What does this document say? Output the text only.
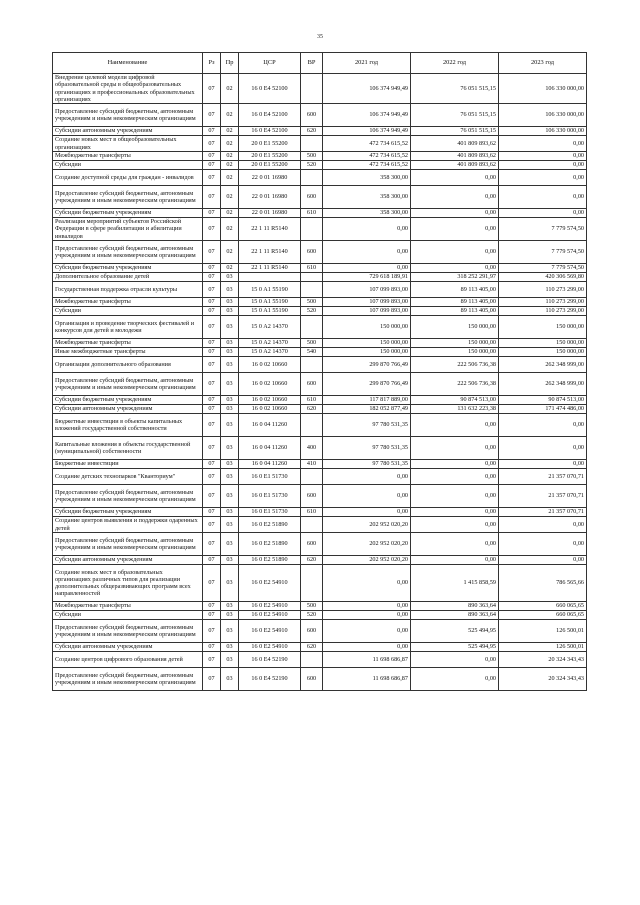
35
Наименование	Рз	Пр	ЦСР	ВР	2021 год	2022 год	2023 год
Внедрение целевой модели цифровой образовательной среды в общеобразовательных организациях и профессиональных образовательных организациях	07	02	16 0 E4 52100		106 374 949,49	76 051 515,15	106 330 000,00
Предоставление субсидий бюджетным, автономным учреждениям и иным некоммерческим организациям	07	02	16 0 E4 52100	600	106 374 949,49	76 051 515,15	106 330 000,00
Субсидии автономным учреждениям	07	02	16 0 E4 52100	620	106 374 949,49	76 051 515,15	106 330 000,00
Создание новых мест в общеобразовательных организациях	07	02	20 0 E1 55200		472 734 615,52	401 809 893,62	0,00
Межбюджетные трансферты	07	02	20 0 E1 55200	500	472 734 615,52	401 809 893,62	0,00
Субсидии	07	02	20 0 E1 55200	520	472 734 615,52	401 809 893,62	0,00
Создание доступной среды для граждан - инвалидов	07	02	22 0 01 16980		358 300,00	0,00	0,00
Предоставление субсидий бюджетным, автономным учреждениям и иным некоммерческим организациям	07	02	22 0 01 16980	600	358 300,00	0,00	0,00
Субсидии бюджетным учреждениям	07	02	22 0 01 16980	610	358 300,00	0,00	0,00
Реализация мероприятий субъектов Российской Федерации в сфере реабилитации и абилитации инвалидов	07	02	22 1 11 R5140		0,00	0,00	7 779 574,50
Предоставление субсидий бюджетным, автономным учреждениям и иным некоммерческим организациям	07	02	22 1 11 R5140	600	0,00	0,00	7 779 574,50
Субсидии бюджетным учреждениям	07	02	22 1 11 R5140	610	0,00	0,00	7 779 574,50
Дополнительное образование детей	07	03			729 618 189,91	318 252 291,97	420 306 569,80
Государственная поддержка отрасли культуры	07	03	15 0 A1 55190		107 099 893,00	89 113 405,00	110 273 299,00
Межбюджетные трансферты	07	03	15 0 A1 55190	500	107 099 893,00	89 113 405,00	110 273 299,00
Субсидии	07	03	15 0 A1 55190	520	107 099 893,00	89 113 405,00	110 273 299,00
Организация и проведение творческих фестивалей и конкурсов для детей и молодежи	07	03	15 0 A2 14370		150 000,00	150 000,00	150 000,00
Межбюджетные трансферты	07	03	15 0 A2 14370	500	150 000,00	150 000,00	150 000,00
Иные межбюджетные трансферты	07	03	15 0 A2 14370	540	150 000,00	150 000,00	150 000,00
Организации дополнительного образования	07	03	16 0 02 10660		299 870 766,49	222 506 736,38	262 348 999,00
Предоставление субсидий бюджетным, автономным учреждениям и иным некоммерческим организациям	07	03	16 0 02 10660	600	299 870 766,49	222 506 736,38	262 348 999,00
Субсидии бюджетным учреждениям	07	03	16 0 02 10660	610	117 817 889,00	90 874 513,00	90 874 513,00
Субсидии автономным учреждениям	07	03	16 0 02 10660	620	182 052 877,49	131 632 223,38	171 474 486,00
Бюджетные инвестиции в объекты капитальных вложений государственной собственности	07	03	16 0 04 11260		97 780 531,35	0,00	0,00
Капитальные вложения в объекты государственной (муниципальной) собственности	07	03	16 0 04 11260	400	97 780 531,35	0,00	0,00
Бюджетные инвестиции	07	03	16 0 04 11260	410	97 780 531,35	0,00	0,00
Создание детских технопарков "Кванториум"	07	03	16 0 E1 51730		0,00	0,00	21 357 070,71
Предоставление субсидий бюджетным, автономным учреждениям и иным некоммерческим организациям	07	03	16 0 E1 51730	600	0,00	0,00	21 357 070,71
Субсидии бюджетным учреждениям	07	03	16 0 E1 51730	610	0,00	0,00	21 357 070,71
Создание центров выявления и поддержки одаренных детей	07	03	16 0 E2 51890		202 952 020,20	0,00	0,00
Предоставление субсидий бюджетным, автономным учреждениям и иным некоммерческим организациям	07	03	16 0 E2 51890	600	202 952 020,20	0,00	0,00
Субсидии автономным учреждениям	07	03	16 0 E2 51890	620	202 952 020,20	0,00	0,00
Создание новых мест в образовательных организациях различных типов для реализации дополнительных общеразвивающих программ всех направленностей	07	03	16 0 E2 54910		0,00	1 415 858,59	786 565,66
Межбюджетные трансферты	07	03	16 0 E2 54910	500	0,00	890 363,64	660 065,65
Субсидии	07	03	16 0 E2 54910	520	0,00	890 363,64	660 065,65
Предоставление субсидий бюджетным, автономным учреждениям и иным некоммерческим организациям	07	03	16 0 E2 54910	600	0,00	525 494,95	126 500,01
Субсидии автономным учреждениям	07	03	16 0 E2 54910	620	0,00	525 494,95	126 500,01
Создание центров цифрового образования детей	07	03	16 0 E4 52190		11 698 686,87	0,00	20 324 343,43
Предоставление субсидий бюджетным, автономным учреждениям и иным некоммерческим организациям	07	03	16 0 E4 52190	600	11 698 686,87	0,00	20 324 343,43
